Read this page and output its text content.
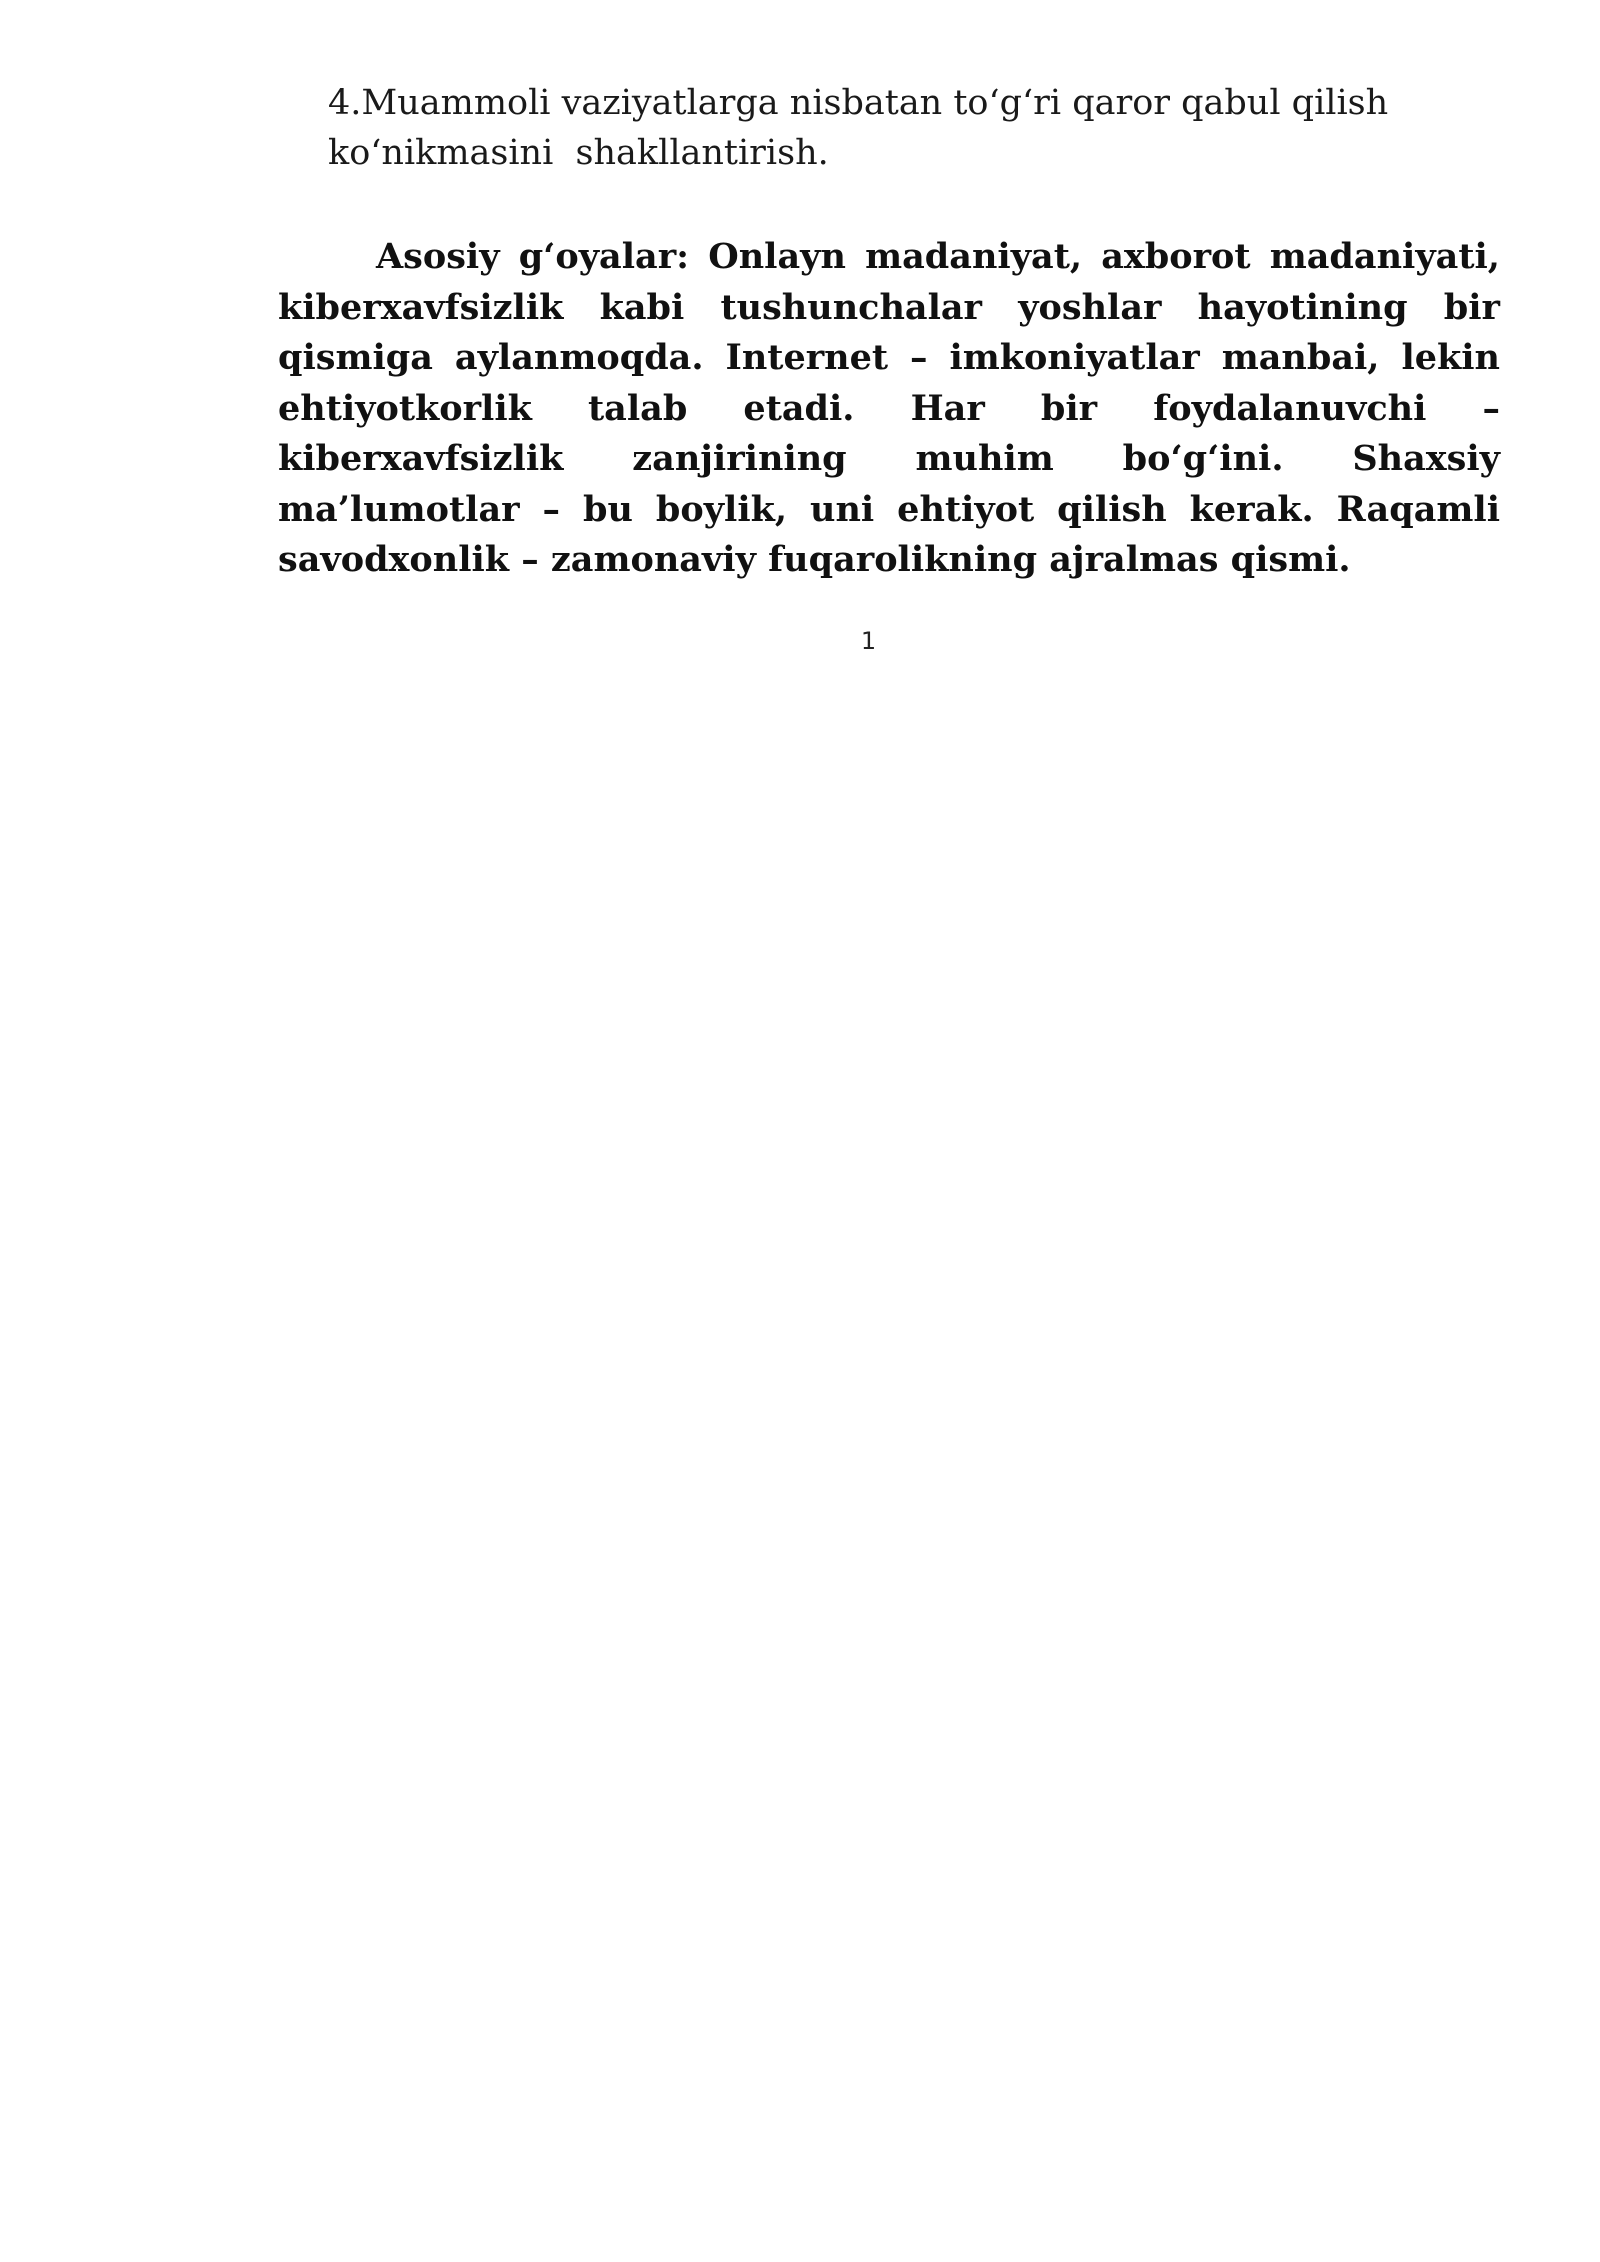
4.Muammoli vaziyatlarga nisbatan to‘g‘ri qaror qabul qilish ko‘nikmasini  shakllantirish.

Asosiy g‘oyalar: Onlayn madaniyat, axborot madaniyati, kiberxavfsizlik kabi tushunchalar yoshlar hayotining bir qismiga aylanmoqda. Internet – imkoniyatlar manbai, lekin ehtiyotkorlik talab etadi. Har bir foydalanuvchi – kiberxavfsizlik zanjirining muhim bo‘g‘ini. Shaxsiy ma’lumotlar – bu boylik, uni ehtiyot qilish kerak. Raqamli savodxonlik – zamonaviy fuqarolikning ajralmas qismi.

1
